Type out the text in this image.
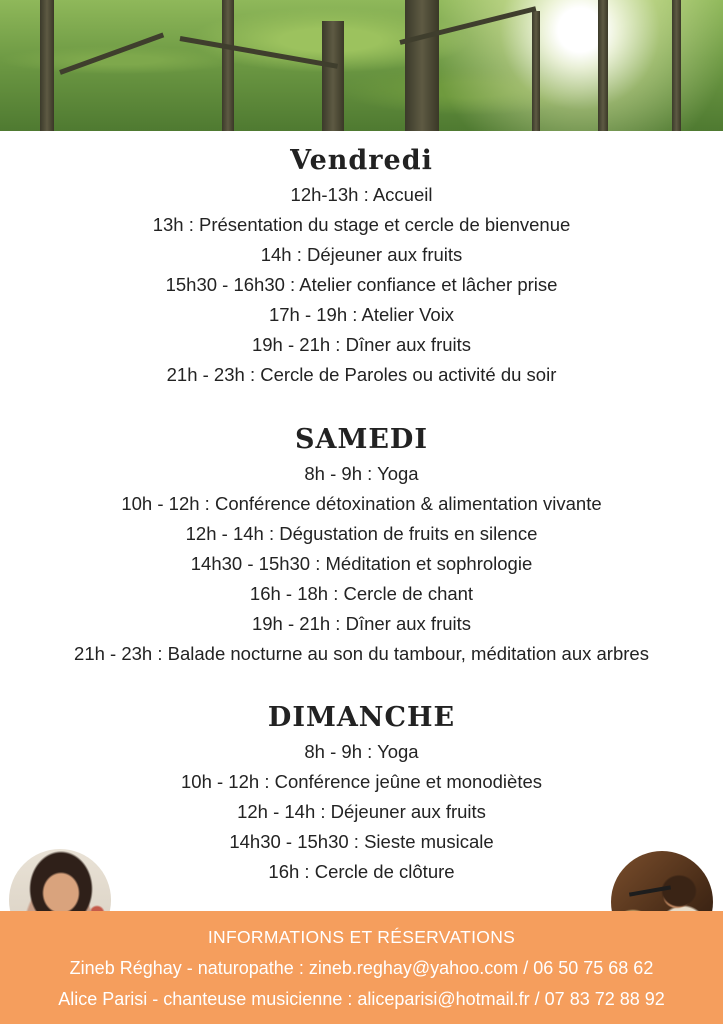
Vendredi
12h-13h : Accueil
13h : Présentation du stage et cercle de bienvenue
14h : Déjeuner aux fruits
15h30 - 16h30 : Atelier confiance et lâcher prise
17h - 19h : Atelier Voix
19h - 21h : Dîner aux fruits
21h - 23h : Cercle de Paroles ou activité du soir
SAMEDI
8h - 9h : Yoga
10h - 12h : Conférence détoxination & alimentation vivante
12h - 14h : Dégustation de fruits en silence
14h30 - 15h30 : Méditation et sophrologie
16h - 18h : Cercle de chant
19h - 21h : Dîner aux fruits
21h - 23h : Balade nocturne au son du tambour, méditation aux arbres
DIMANCHE
8h - 9h : Yoga
10h - 12h : Conférence jeûne et monodiètes
12h - 14h : Déjeuner aux fruits
14h30 - 15h30 : Sieste musicale
16h : Cercle de clôture
INFORMATIONS ET RÉSERVATIONS
Zineb Réghay - naturopathe : zineb.reghay@yahoo.com / 06 50 75 68 62
Alice Parisi - chanteuse musicienne : aliceparisi@hotmail.fr / 07 83 72 88 92
